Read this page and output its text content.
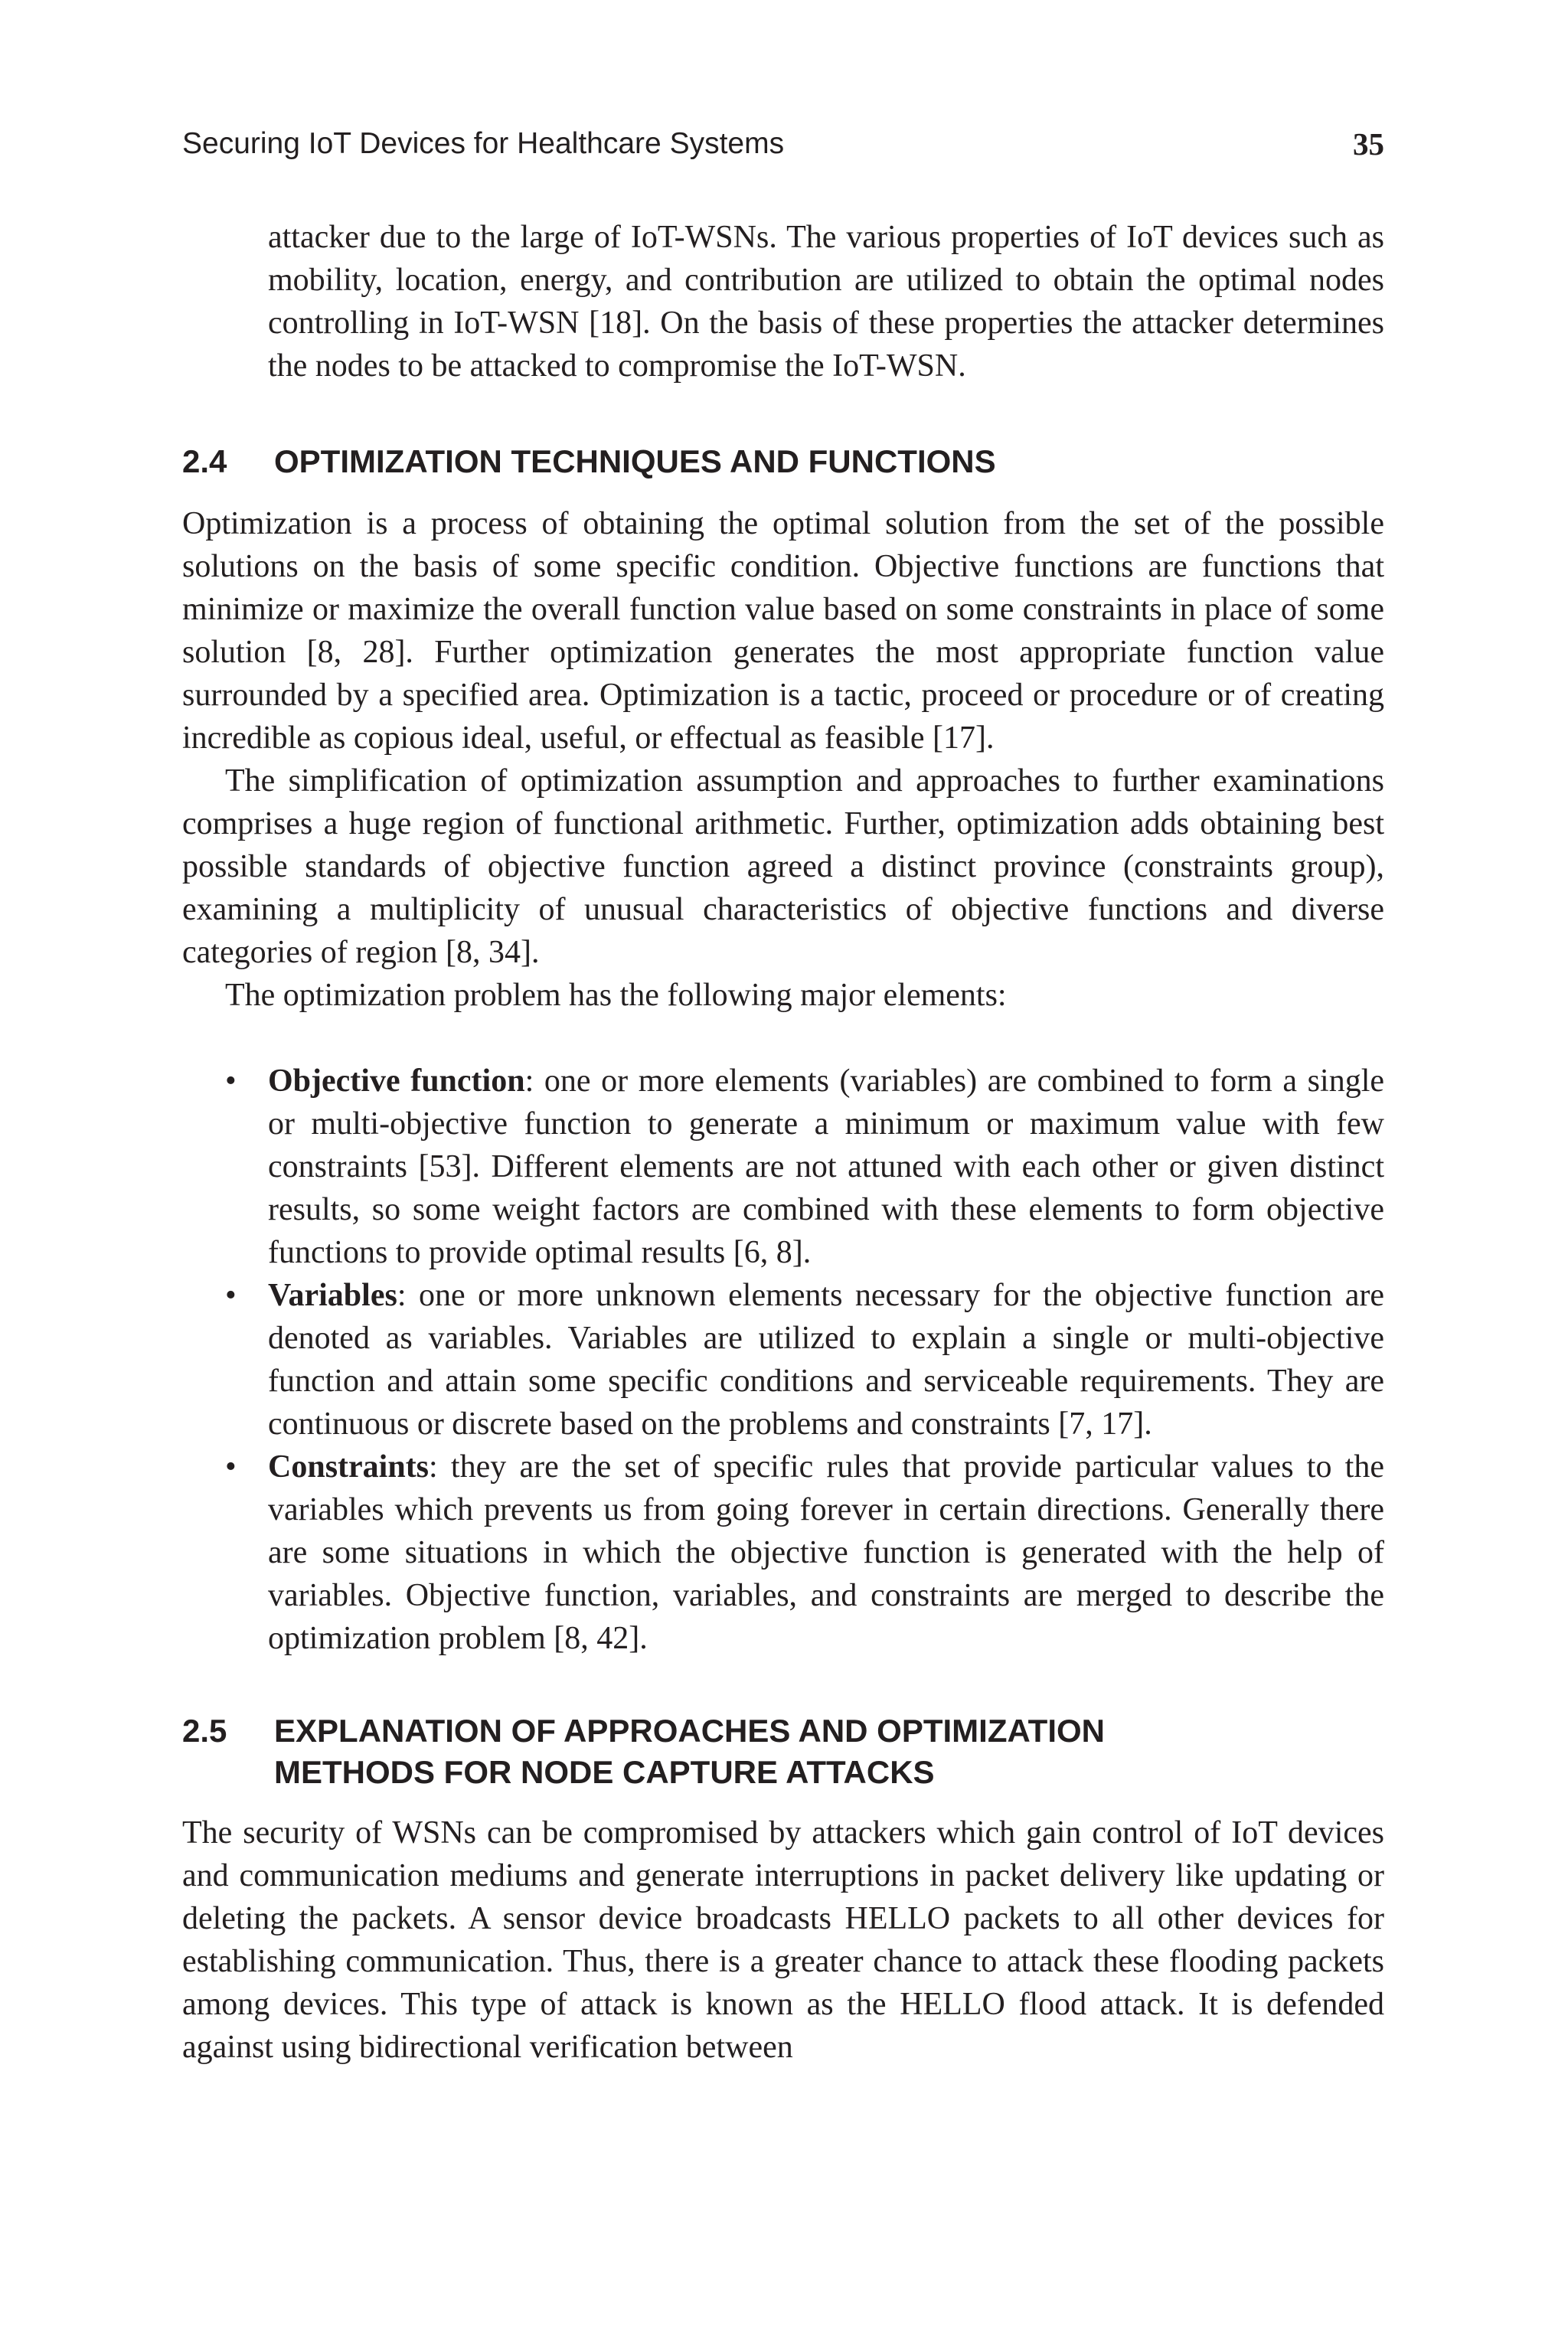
Securing IoT Devices for Healthcare Systems	35

attacker due to the large of IoT-WSNs. The various properties of IoT devices such as mobility, location, energy, and contribution are utilized to obtain the optimal nodes controlling in IoT-WSN [18]. On the basis of these properties the attacker determines the nodes to be attacked to compromise the IoT-WSN.

2.4	OPTIMIZATION TECHNIQUES AND FUNCTIONS

Optimization is a process of obtaining the optimal solution from the set of the possible solutions on the basis of some specific condition. Objective functions are functions that minimize or maximize the overall function value based on some constraints in place of some solution [8, 28]. Further optimization generates the most appropriate function value surrounded by a specified area. Optimization is a tactic, proceed or procedure or of creating incredible as copious ideal, useful, or effectual as feasible [17].

The simplification of optimization assumption and approaches to further examinations comprises a huge region of functional arithmetic. Further, optimization adds obtaining best possible standards of objective function agreed a distinct province (constraints group), examining a multiplicity of unusual characteristics of objective functions and diverse categories of region [8, 34].

The optimization problem has the following major elements:

• Objective function: one or more elements (variables) are combined to form a single or multi-objective function to generate a minimum or maximum value with few constraints [53]. Different elements are not attuned with each other or given distinct results, so some weight factors are combined with these elements to form objective functions to provide optimal results [6, 8].
• Variables: one or more unknown elements necessary for the objective function are denoted as variables. Variables are utilized to explain a single or multi-objective function and attain some specific conditions and serviceable requirements. They are continuous or discrete based on the problems and constraints [7, 17].
• Constraints: they are the set of specific rules that provide particular values to the variables which prevents us from going forever in certain directions. Generally there are some situations in which the objective function is generated with the help of variables. Objective function, variables, and constraints are merged to describe the optimization problem [8, 42].
2.5	EXPLANATION OF APPROACHES AND OPTIMIZATION
METHODS FOR NODE CAPTURE ATTACKS

The security of WSNs can be compromised by attackers which gain control of IoT devices and communication mediums and generate interruptions in packet delivery like updating or deleting the packets. A sensor device broadcasts HELLO packets to all other devices for establishing communication. Thus, there is a greater chance to attack these flooding packets among devices. This type of attack is known as the HELLO flood attack. It is defended against using bidirectional verification between
